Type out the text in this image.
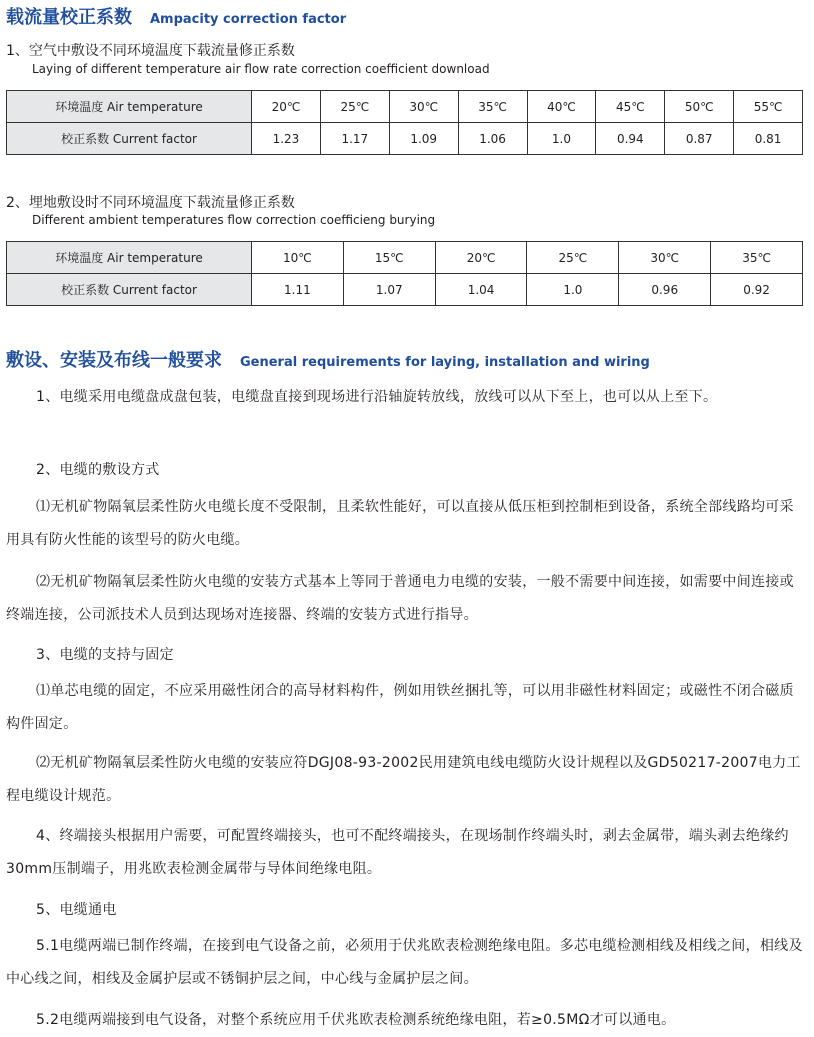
载流量校正系数 Ampacity correction factor
1、空气中敷设不同环境温度下载流量修正系数
Laying of different temperature air flow rate correction coefficient download
环境温度 Air temperature	20℃	25℃	30℃	35℃	40℃	45℃	50℃	55℃
校正系数 Current factor	1.23	1.17	1.09	1.06	1.0	0.94	0.87	0.81
2、埋地敷设时不同环境温度下载流量修正系数
Different ambient temperatures flow correction coefficieng burying
环境温度 Air temperature	10℃	15℃	20℃	25℃	30℃	35℃
校正系数 Current factor	1.11	1.07	1.04	1.0	0.96	0.92
敷设、安装及布线一般要求 General requirements for laying, installation and wiring
1、电缆采用电缆盘成盘包装，电缆盘直接到现场进行沿轴旋转放线，放线可以从下至上，也可以从上至下。
2、电缆的敷设方式
⑴无机矿物隔氧层柔性防火电缆长度不受限制，且柔软性能好，可以直接从低压柜到控制柜到设备，系统全部线路均可采用具有防火性能的该型号的防火电缆。
⑵无机矿物隔氧层柔性防火电缆的安装方式基本上等同于普通电力电缆的安装，一般不需要中间连接，如需要中间连接或终端连接，公司派技术人员到达现场对连接器、终端的安装方式进行指导。
3、电缆的支持与固定
⑴单芯电缆的固定，不应采用磁性闭合的高导材料构件，例如用铁丝捆扎等，可以用非磁性材料固定；或磁性不闭合磁质构件固定。
⑵无机矿物隔氧层柔性防火电缆的安装应符DGJ08-93-2002民用建筑电线电缆防火设计规程以及GD50217-2007电力工程电缆设计规范。
4、终端接头根据用户需要，可配置终端接头，也可不配终端接头，在现场制作终端头时，剥去金属带，端头剥去绝缘约30mm压制端子，用兆欧表检测金属带与导体间绝缘电阻。
5、电缆通电
5.1电缆两端已制作终端，在接到电气设备之前，必须用于伏兆欧表检测绝缘电阻。多芯电缆检测相线及相线之间，相线及中心线之间，相线及金属护层或不锈铜护层之间，中心线与金属护层之间。
5.2电缆两端接到电气设备，对整个系统应用千伏兆欧表检测系统绝缘电阻，若≥0.5MΩ才可以通电。
